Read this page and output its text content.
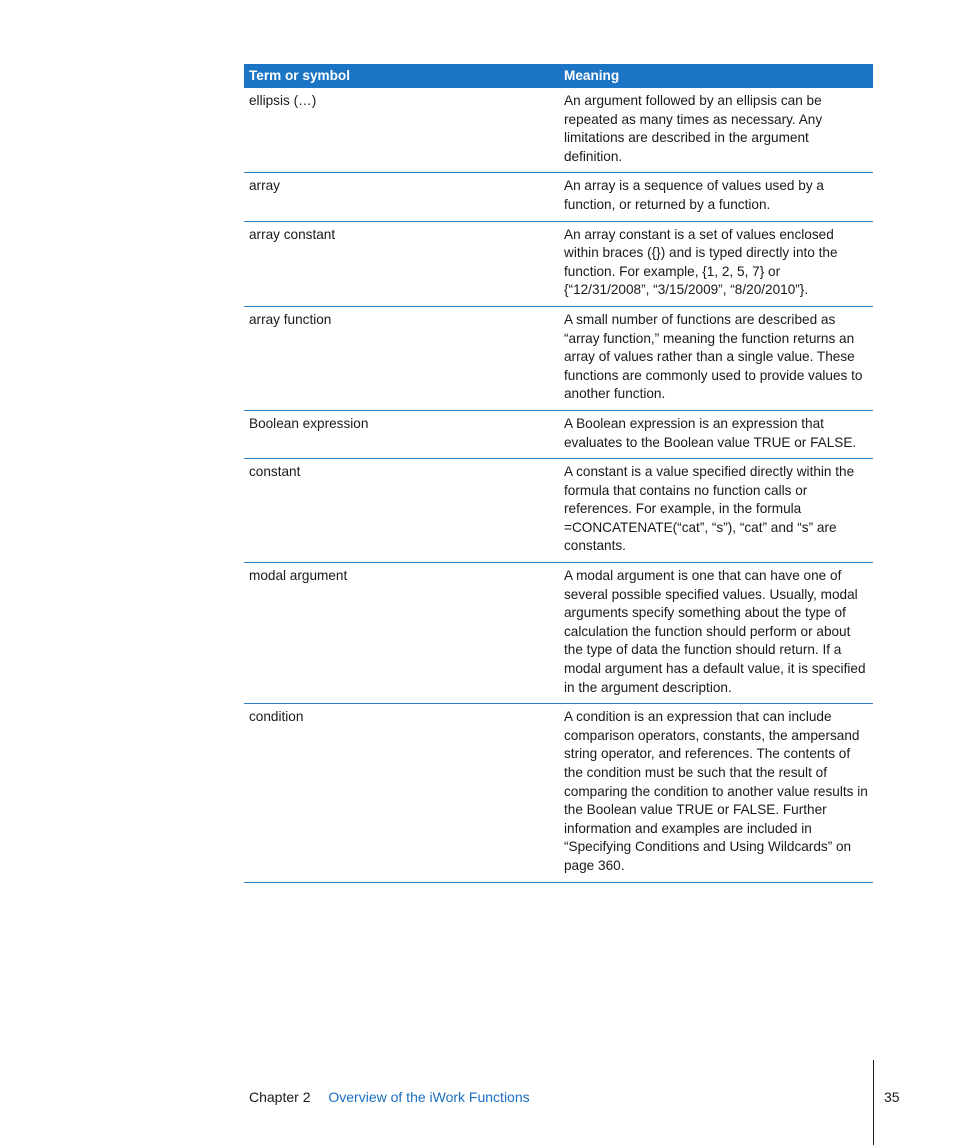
Term or symbol	Meaning
ellipsis (…)	An argument followed by an ellipsis can be repeated as many times as necessary. Any limitations are described in the argument definition.
array	An array is a sequence of values used by a function, or returned by a function.
array constant	An array constant is a set of values enclosed within braces ({}) and is typed directly into the function. For example, {1, 2, 5, 7} or {“12/31/2008”, “3/15/2009”, “8/20/2010”}.
array function	A small number of functions are described as “array function,” meaning the function returns an array of values rather than a single value. These functions are commonly used to provide values to another function.
Boolean expression	A Boolean expression is an expression that evaluates to the Boolean value TRUE or FALSE.
constant	A constant is a value specified directly within the formula that contains no function calls or references. For example, in the formula =CONCATENATE(“cat”, “s”), “cat” and “s” are constants.
modal argument	A modal argument is one that can have one of several possible specified values. Usually, modal arguments specify something about the type of calculation the function should perform or about the type of data the function should return. If a modal argument has a default value, it is specified in the argument description.
condition	A condition is an expression that can include comparison operators, constants, the ampersand string operator, and references. The contents of the condition must be such that the result of comparing the condition to another value results in the Boolean value TRUE or FALSE. Further information and examples are included in “Specifying Conditions and Using Wildcards” on page 360.
Chapter 2 Overview of the iWork Functions	35
